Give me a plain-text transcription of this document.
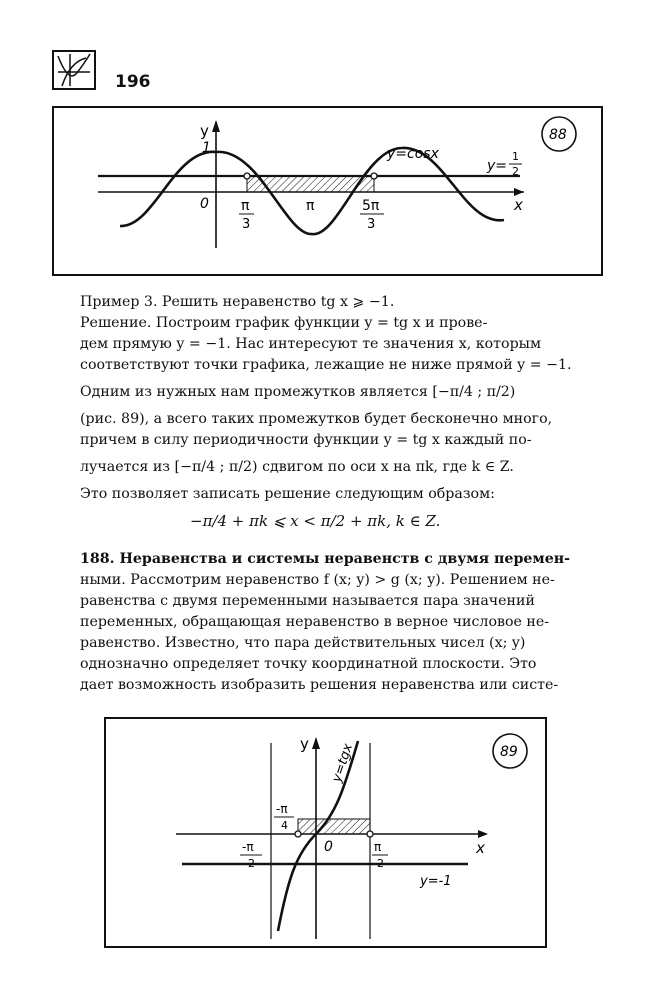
196
88
y
x
1
0 π
3
π	5π
3
y=cosx
y=
1
2
Пример 3. Решить неравенство tg x ⩾ −1.
Решение. Построим график функции y = tg x и прове-
дем прямую y = −1. Нас интересуют те значения x, которым
соответствуют точки графика, лежащие не ниже прямой y = −1.
Одним из нужных нам промежутков является [−π/4 ; π/2)
(рис. 89), а всего таких промежутков будет бесконечно много,
причем в силу периодичности функции y = tg x каждый по-
лучается из [−π/4 ; π/2) сдвигом по оси x на πk, где k ∈ Z.
Это позволяет записать решение следующим образом:
−π/4 + πk ⩽ x < π/2 + πk, k ∈ Z.
188. Неравенства и системы неравенств с двумя перемен-
ными. Рассмотрим неравенство f (x; y) > g (x; y). Решением не-
равенства с двумя переменными называется пара значений
переменных, обращающая неравенство в верное числовое не-
равенство. Известно, что пара действительных чисел (x; y)
однозначно определяет точку координатной плоскости. Это
дает возможность изобразить решения неравенства или систе-
89
y
x
0
y=tgx
-π
4
-π
2
π
2
y=-1
